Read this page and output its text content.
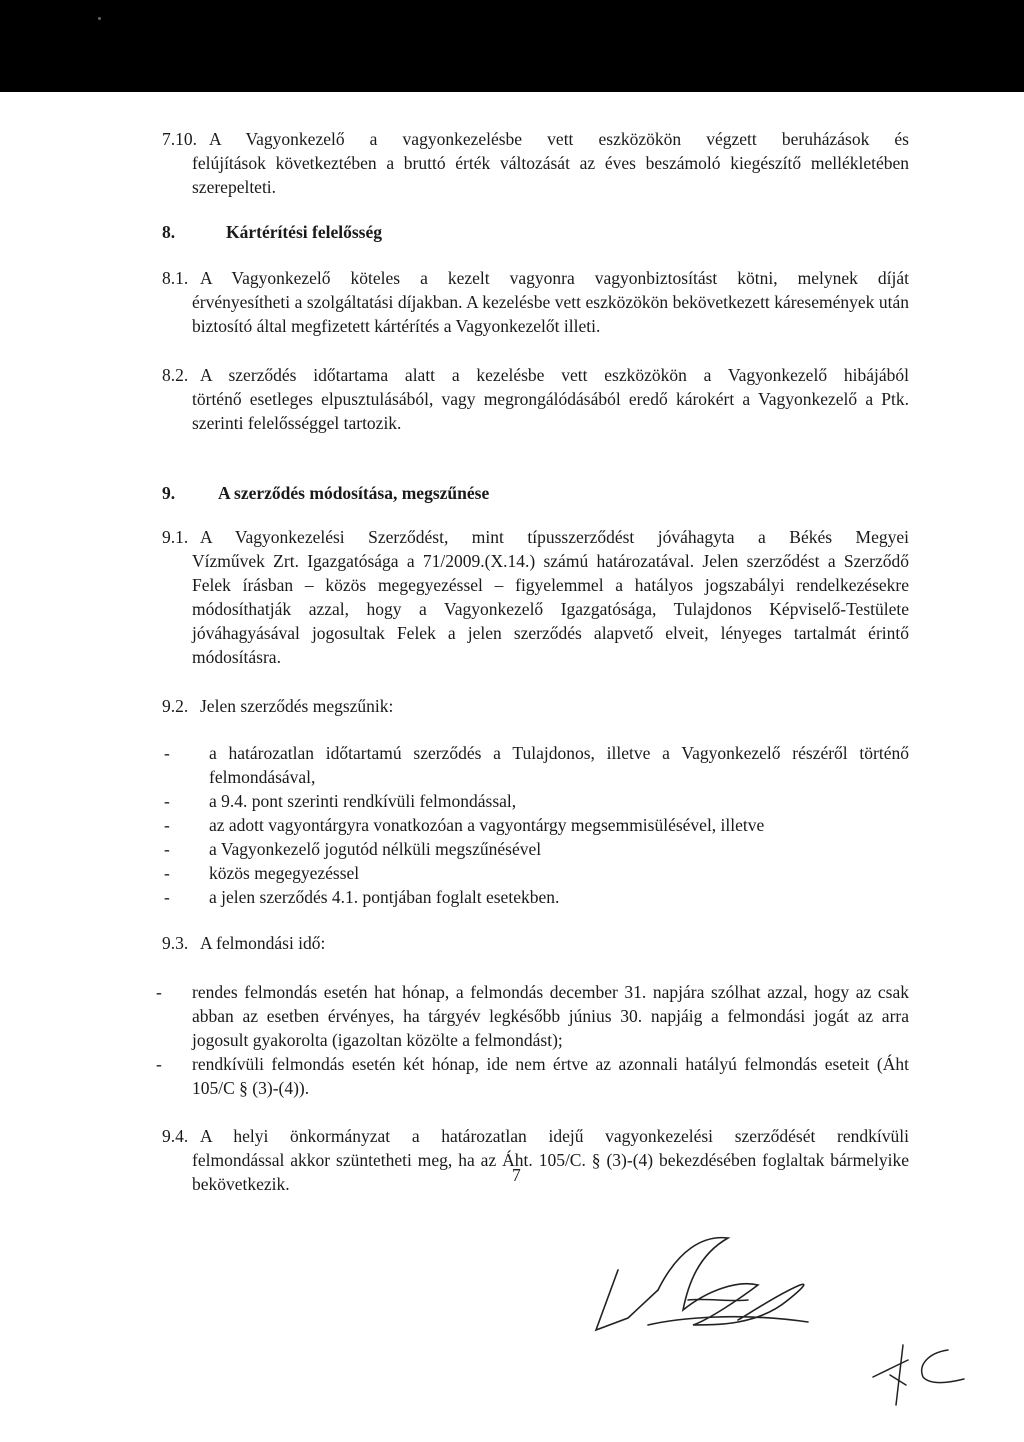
7.10. A Vagyonkezelő a vagyonkezelésbe vett eszközökön végzett beruházások és
felújítások következtében a bruttó érték változását az éves beszámoló kiegészítő mellékletében szerepelteti.
8.	Kártérítési felelősség
8.1. A Vagyonkezelő köteles a kezelt vagyonra vagyonbiztosítást kötni, melynek díját
érvényesítheti a szolgáltatási díjakban. A kezelésbe vett eszközökön bekövetkezett káresemények után biztosító által megfizetett kártérítés a Vagyonkezelőt illeti.
8.2. A szerződés időtartama alatt a kezelésbe vett eszközökön a Vagyonkezelő hibájából
történő esetleges elpusztulásából, vagy megrongálódásából eredő károkért a Vagyonkezelő a Ptk. szerinti felelősséggel tartozik.
9. A szerződés módosítása, megszűnése
9.1. A Vagyonkezelési Szerződést, mint típusszerződést jóváhagyta a Békés Megyei
Vízművek Zrt. Igazgatósága a 71/2009.(X.14.) számú határozatával. Jelen szerződést a Szerződő Felek írásban – közös megegyezéssel – figyelemmel a hatályos jogszabályi rendelkezésekre módosíthatják azzal, hogy a Vagyonkezelő Igazgatósága, Tulajdonos Képviselő-Testülete jóváhagyásával jogosultak Felek a jelen szerződés alapvető elveit, lényeges tartalmát érintő módosításra.
9.2. Jelen szerződés megszűnik:
- a határozatlan időtartamú szerződés a Tulajdonos, illetve a Vagyonkezelő részéről történő felmondásával,
- a 9.4. pont szerinti rendkívüli felmondással,
- az adott vagyontárgyra vonatkozóan a vagyontárgy megsemmisülésével, illetve
- a Vagyonkezelő jogutód nélküli megszűnésével
- közös megegyezéssel
- a jelen szerződés 4.1. pontjában foglalt esetekben.
9.3. A felmondási idő:
- rendes felmondás esetén hat hónap, a felmondás december 31. napjára szólhat azzal, hogy az csak abban az esetben érvényes, ha tárgyév legkésőbb június 30. napjáig a felmondási jogát az arra jogosult gyakorolta (igazoltan közölte a felmondást);
- rendkívüli felmondás esetén két hónap, ide nem értve az azonnali hatályú felmondás eseteit (Áht 105/C § (3)-(4)).
9.4. A helyi önkormányzat a határozatlan idejű vagyonkezelési szerződését rendkívüli
felmondással akkor szüntetheti meg, ha az Áht. 105/C. § (3)-(4) bekezdésében foglaltak bármelyike bekövetkezik.	7
